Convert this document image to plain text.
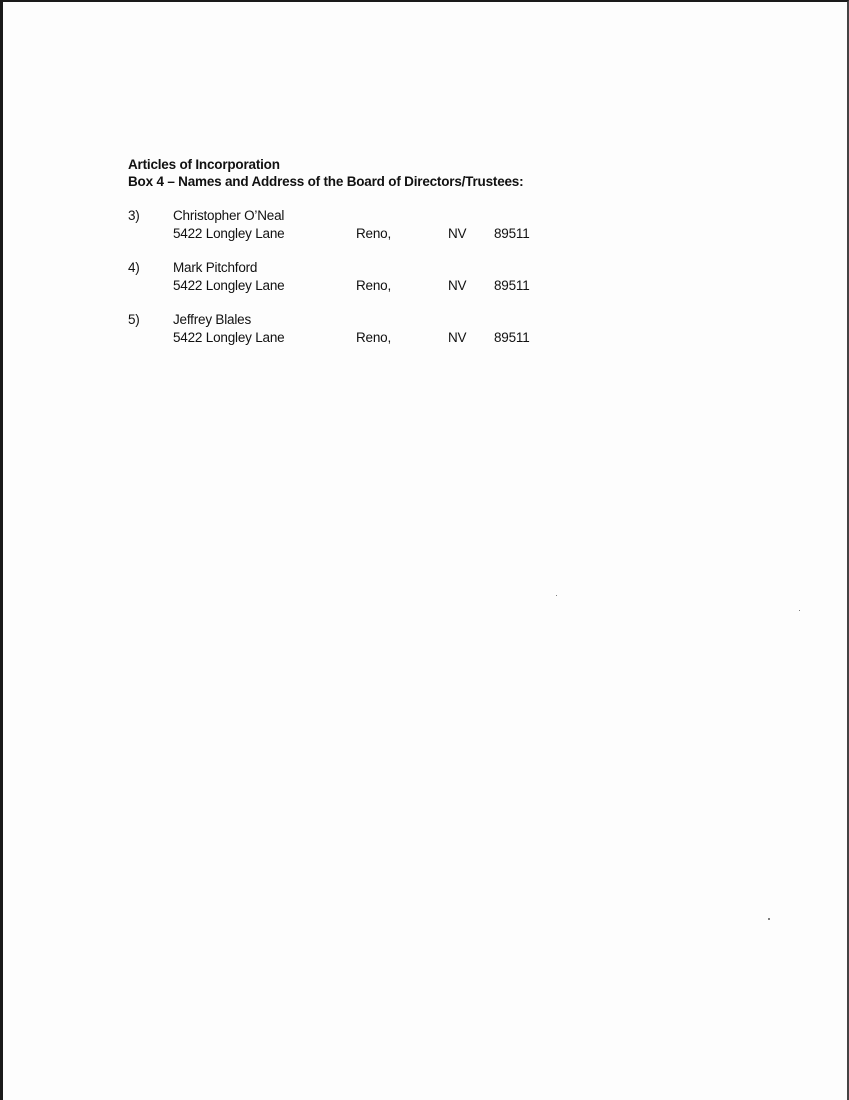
Articles of Incorporation
Box 4 – Names and Address of the Board of Directors/Trustees:
3) Christopher O’Neal
5422 Longley Lane	Reno,	NV 89511
4) Mark Pitchford
5422 Longley Lane	Reno,	NV 89511
5) Jeffrey Blales
5422 Longley Lane	Reno,	NV 89511
